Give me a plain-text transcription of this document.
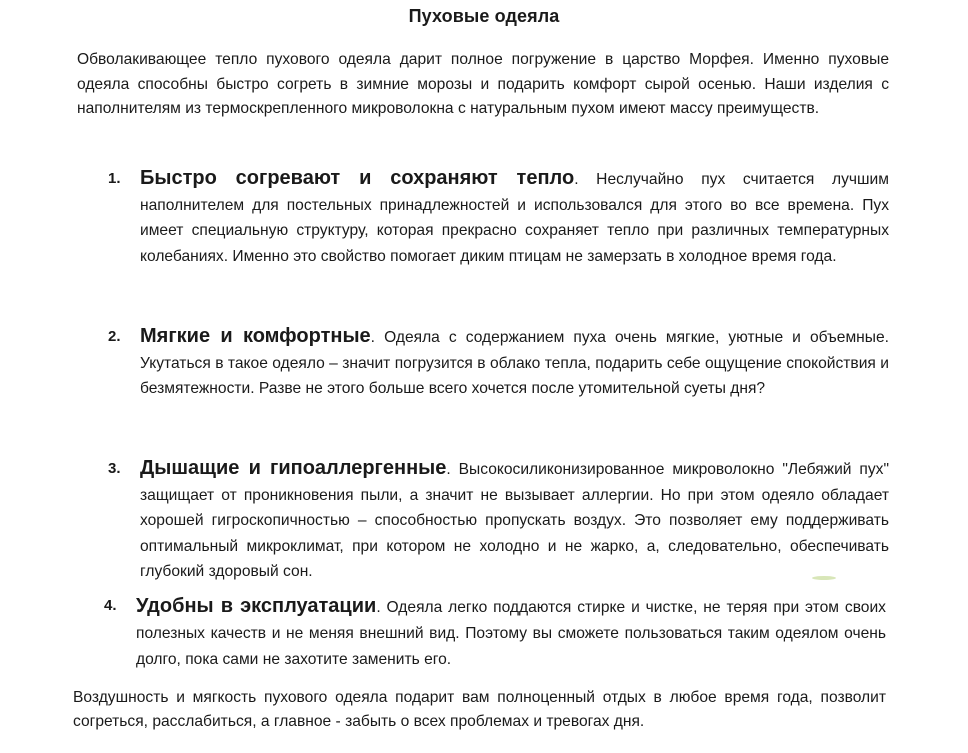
Пуховые одеяла

Обволакивающее тепло пухового одеяла дарит полное погружение в царство Морфея. Именно пуховые одеяла способны быстро согреть в зимние морозы и подарить комфорт сырой осенью. Наши изделия с наполнителям из термоскрепленного микроволокна с натуральным пухом имеют массу преимуществ.

1. Быстро согревают и сохраняют тепло. Неслучайно пух считается лучшим наполнителем для постельных принадлежностей и использовался для этого во все времена. Пух имеет специальную структуру, которая прекрасно сохраняет тепло при различных температурных колебаниях. Именно это свойство помогает диким птицам не замерзать в холодное время года.
2. Мягкие и комфортные. Одеяла с содержанием пуха очень мягкие, уютные и объемные. Укутаться в такое одеяло – значит погрузится в облако тепла, подарить себе ощущение спокойствия и безмятежности. Разве не этого больше всего хочется после утомительной суеты дня?
3. Дышащие и гипоаллергенные. Высокосиликонизированное микроволокно "Лебяжий пух" защищает от проникновения пыли, а значит не вызывает аллергии. Но при этом одеяло обладает хорошей гигроскопичностью – способностью пропускать воздух. Это позволяет ему поддерживать оптимальный микроклимат, при котором не холодно и не жарко, а, следовательно, обеспечивать глубокий здоровый сон.
4. Удобны в эксплуатации. Одеяла легко поддаются стирке и чистке, не теряя при этом своих полезных качеств и не меняя внешний вид. Поэтому вы сможете пользоваться таким одеялом очень долго, пока сами не захотите заменить его.

Воздушность и мягкость пухового одеяла подарит вам полноценный отдых в любое время года, позволит согреться, расслабиться, а главное - забыть о всех проблемах и тревогах дня.
